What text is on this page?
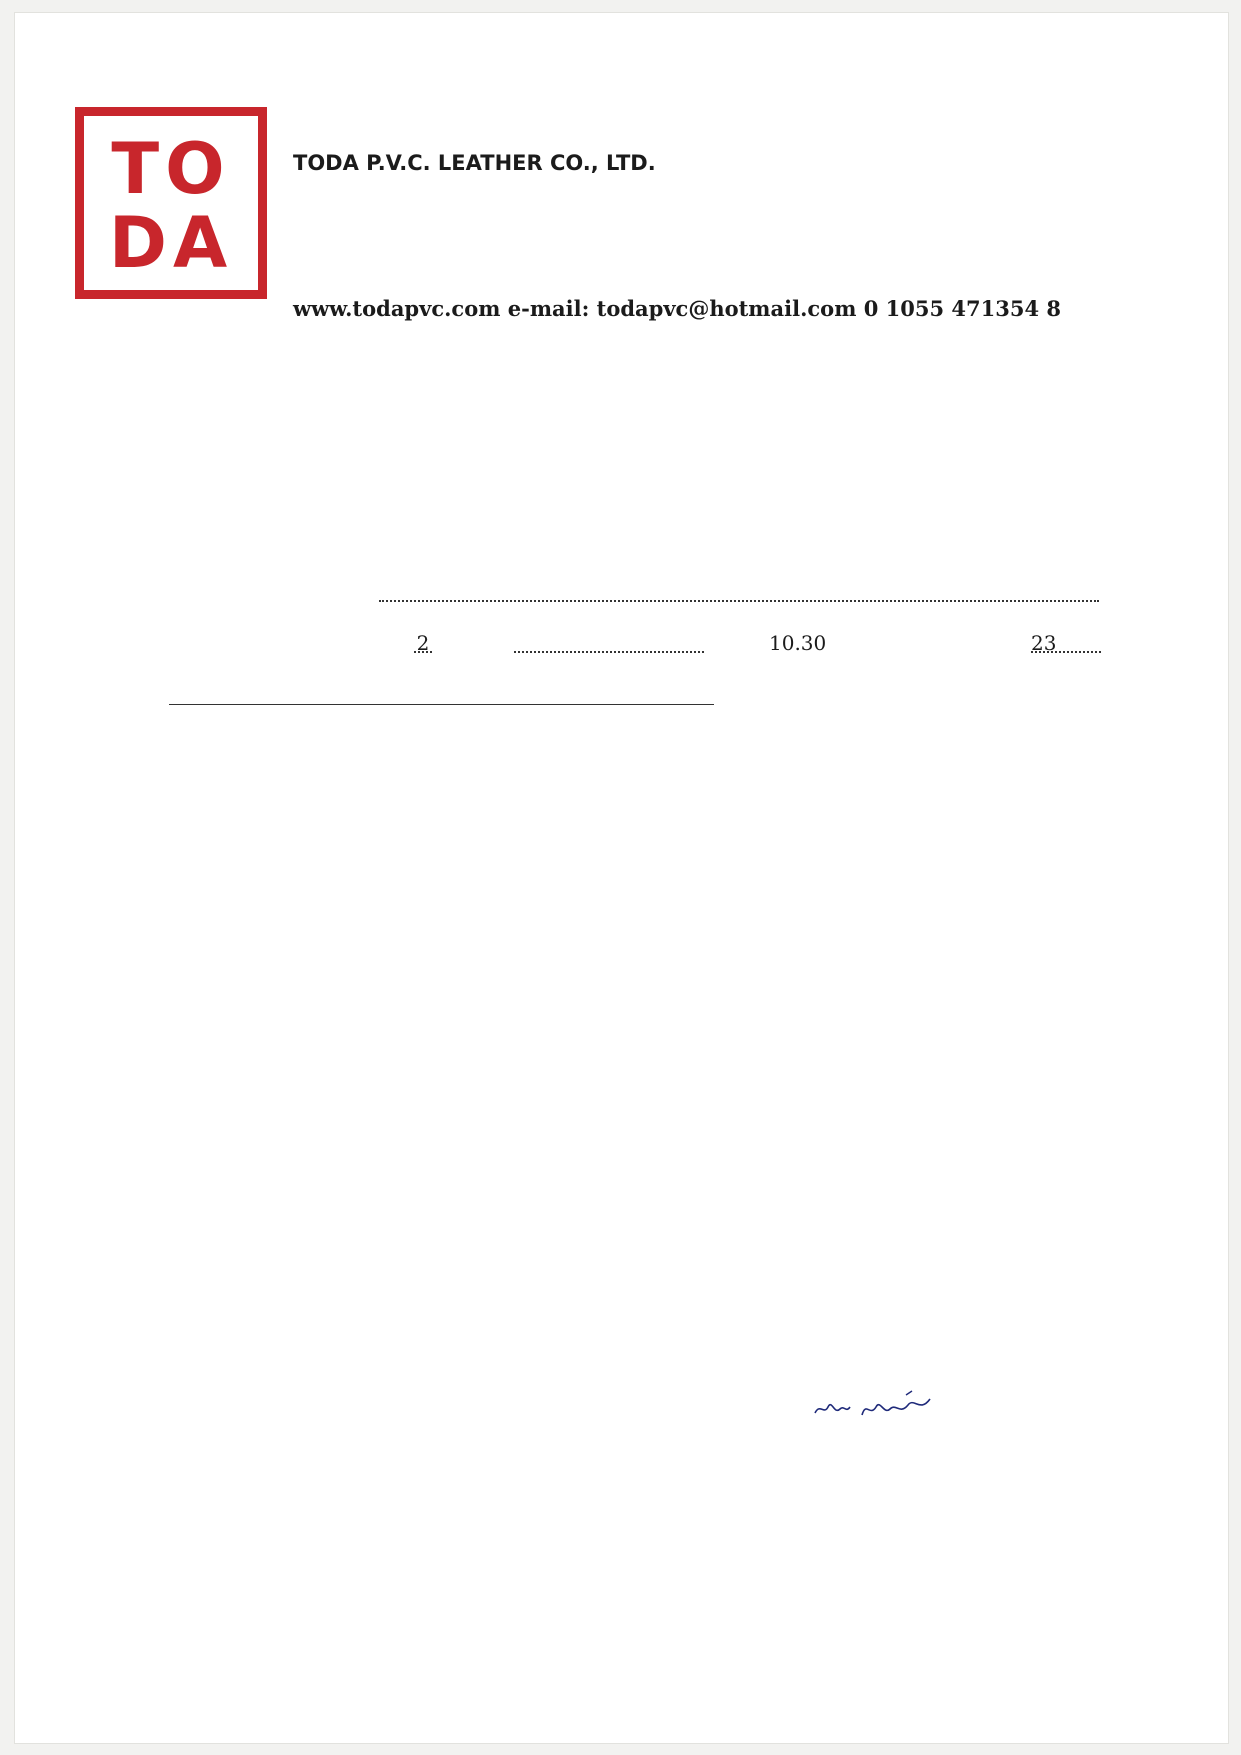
TO
DA
TODA P.V.C. LEATHER CO., LTD.
www.todapvc.com e-mail: todapvc@hotmail.com 0 1055 471354 8
2	10.30	23
